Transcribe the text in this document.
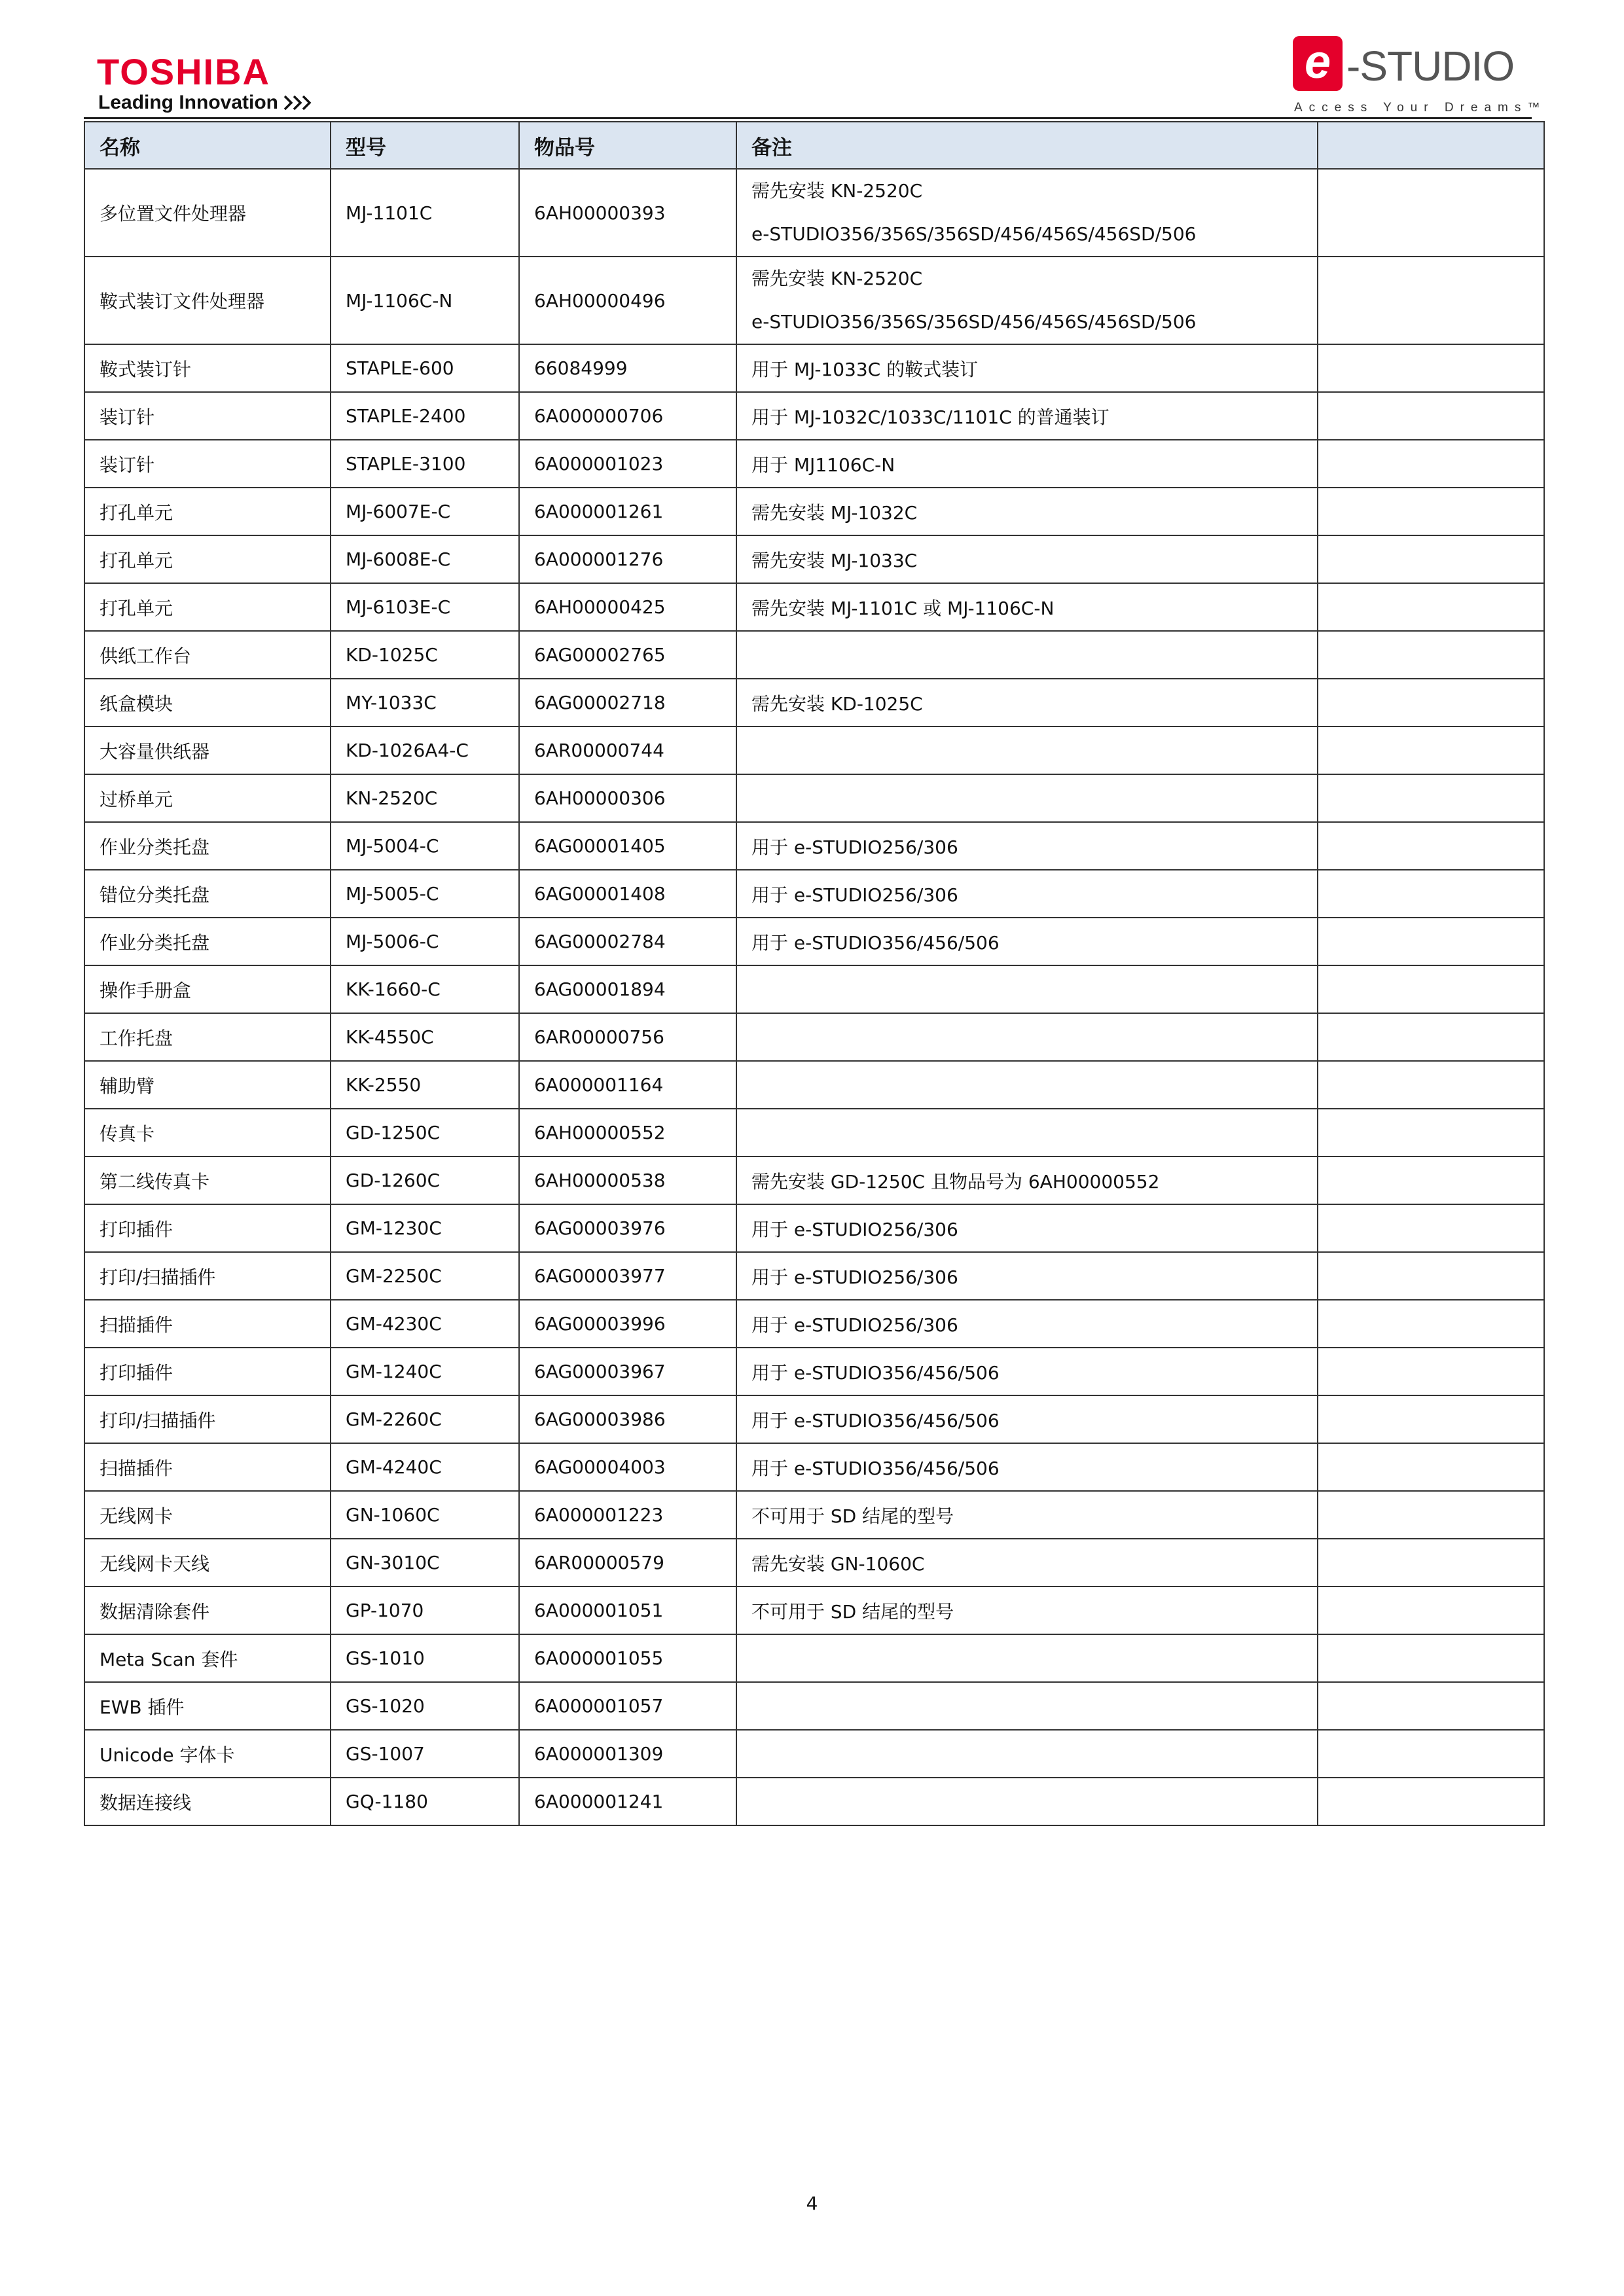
TOSHIBA
Leading Innovation
e -STUDIO
Access Your Dreams™
名称	型号	物品号	备注	
多位置文件处理器	MJ-1101C	6AH00000393	需先安装 KN-2520C
e-STUDIO356/356S/356SD/456/456S/456SD/506	

鞍式装订文件处理器	MJ-1106C-N	6AH00000496	需先安装 KN-2520C
e-STUDIO356/356S/356SD/456/456S/456SD/506	

鞍式装订针	STAPLE-600	66084999	用于 MJ-1033C 的鞍式装订	

装订针	STAPLE-2400	6A000000706	用于 MJ-1032C/1033C/1101C 的普通装订	

装订针	STAPLE-3100	6A000001023	用于 MJ1106C-N	

打孔单元	MJ-6007E-C	6A000001261	需先安装 MJ-1032C	

打孔单元	MJ-6008E-C	6A000001276	需先安装 MJ-1033C	

打孔单元	MJ-6103E-C	6AH00000425	需先安装 MJ-1101C 或 MJ-1106C-N	

供纸工作台	KD-1025C	6AG00002765		
纸盒模块	MY-1033C	6AG00002718	需先安装 KD-1025C	

大容量供纸器	KD-1026A4-C	6AR00000744		
过桥单元	KN-2520C	6AH00000306		
作业分类托盘	MJ-5004-C	6AG00001405	用于 e-STUDIO256/306	

错位分类托盘	MJ-5005-C	6AG00001408	用于 e-STUDIO256/306	

作业分类托盘	MJ-5006-C	6AG00002784	用于 e-STUDIO356/456/506	

操作手册盒	KK-1660-C	6AG00001894		
工作托盘	KK-4550C	6AR00000756		
辅助臂	KK-2550	6A000001164		
传真卡	GD-1250C	6AH00000552		
第二线传真卡	GD-1260C	6AH00000538	需先安装 GD-1250C 且物品号为 6AH00000552	

打印插件	GM-1230C	6AG00003976	用于 e-STUDIO256/306	

打印/扫描插件	GM-2250C	6AG00003977	用于 e-STUDIO256/306	

扫描插件	GM-4230C	6AG00003996	用于 e-STUDIO256/306	

打印插件	GM-1240C	6AG00003967	用于 e-STUDIO356/456/506	

打印/扫描插件	GM-2260C	6AG00003986	用于 e-STUDIO356/456/506	

扫描插件	GM-4240C	6AG00004003	用于 e-STUDIO356/456/506	

无线网卡	GN-1060C	6A000001223	不可用于 SD 结尾的型号	

无线网卡天线	GN-3010C	6AR00000579	需先安装 GN-1060C	

数据清除套件	GP-1070	6A000001051	不可用于 SD 结尾的型号	

Meta Scan 套件	GS-1010	6A000001055		
EWB 插件	GS-1020	6A000001057		
Unicode 字体卡	GS-1007	6A000001309		
数据连接线	GQ-1180	6A000001241		
4
